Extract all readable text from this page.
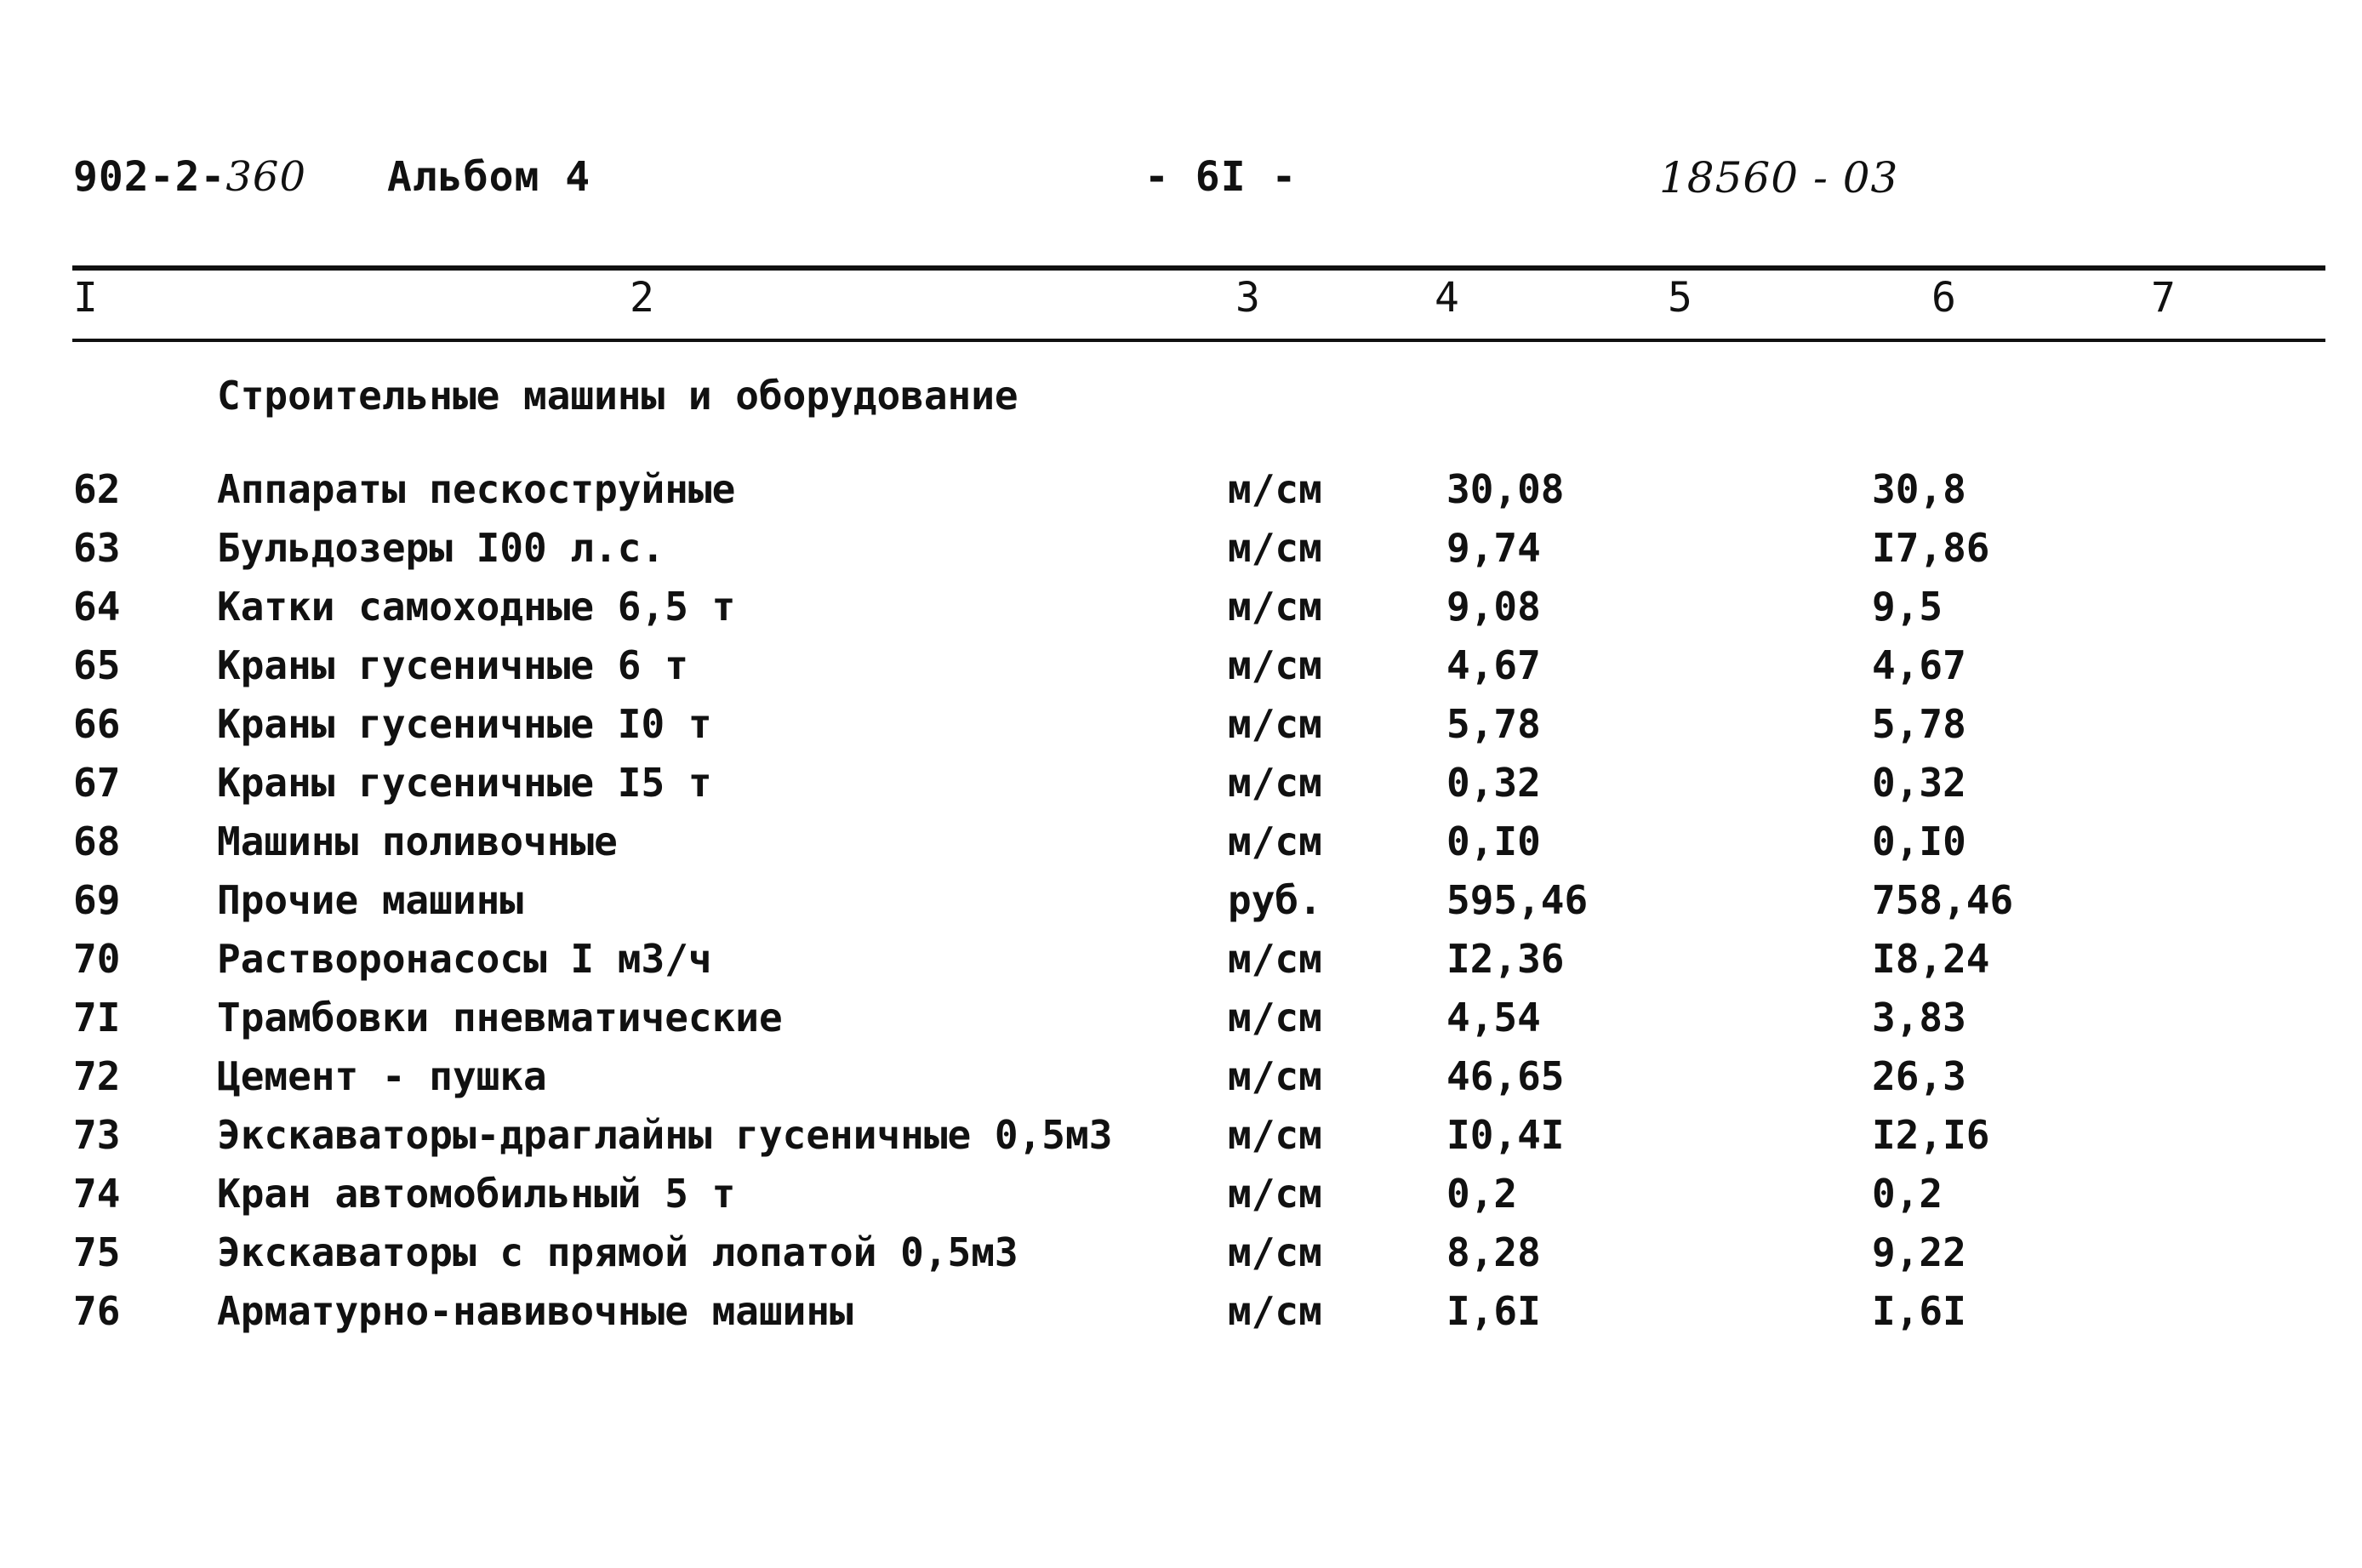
902-2-360 Альбом 4	- 6I -	18560 - 03
I	2	3	4	5	6	7
Строительные машины и оборудование
62 Аппараты пескоструйные	м/см	30,08	30,8
63 Бульдозеры I00 л.с.	м/см	9,74	I7,86
64 Катки самоходные 6,5 т	м/см	9,08	9,5
65 Краны гусеничные 6 т	м/см	4,67	4,67
66 Краны гусеничные I0 т	м/см	5,78	5,78
67 Краны гусеничные I5 т	м/см	0,32	0,32
68 Машины поливочные	м/см	0,I0	0,I0
69 Прочие машины	руб.	595,46	758,46
70 Растворонасосы I м3/ч	м/см	I2,36	I8,24
7I Трамбовки пневматические	м/см	4,54	3,83
72 Цемент - пушка	м/см	46,65	26,3
73 Экскаваторы-драглайны гусеничные 0,5м3	м/см	I0,4I	I2,I6
74 Кран автомобильный 5 т	м/см	0,2	0,2
75 Экскаваторы с прямой лопатой 0,5м3	м/см	8,28	9,22
76 Арматурно-навивочные машины	м/см	I,6I	I,6I
